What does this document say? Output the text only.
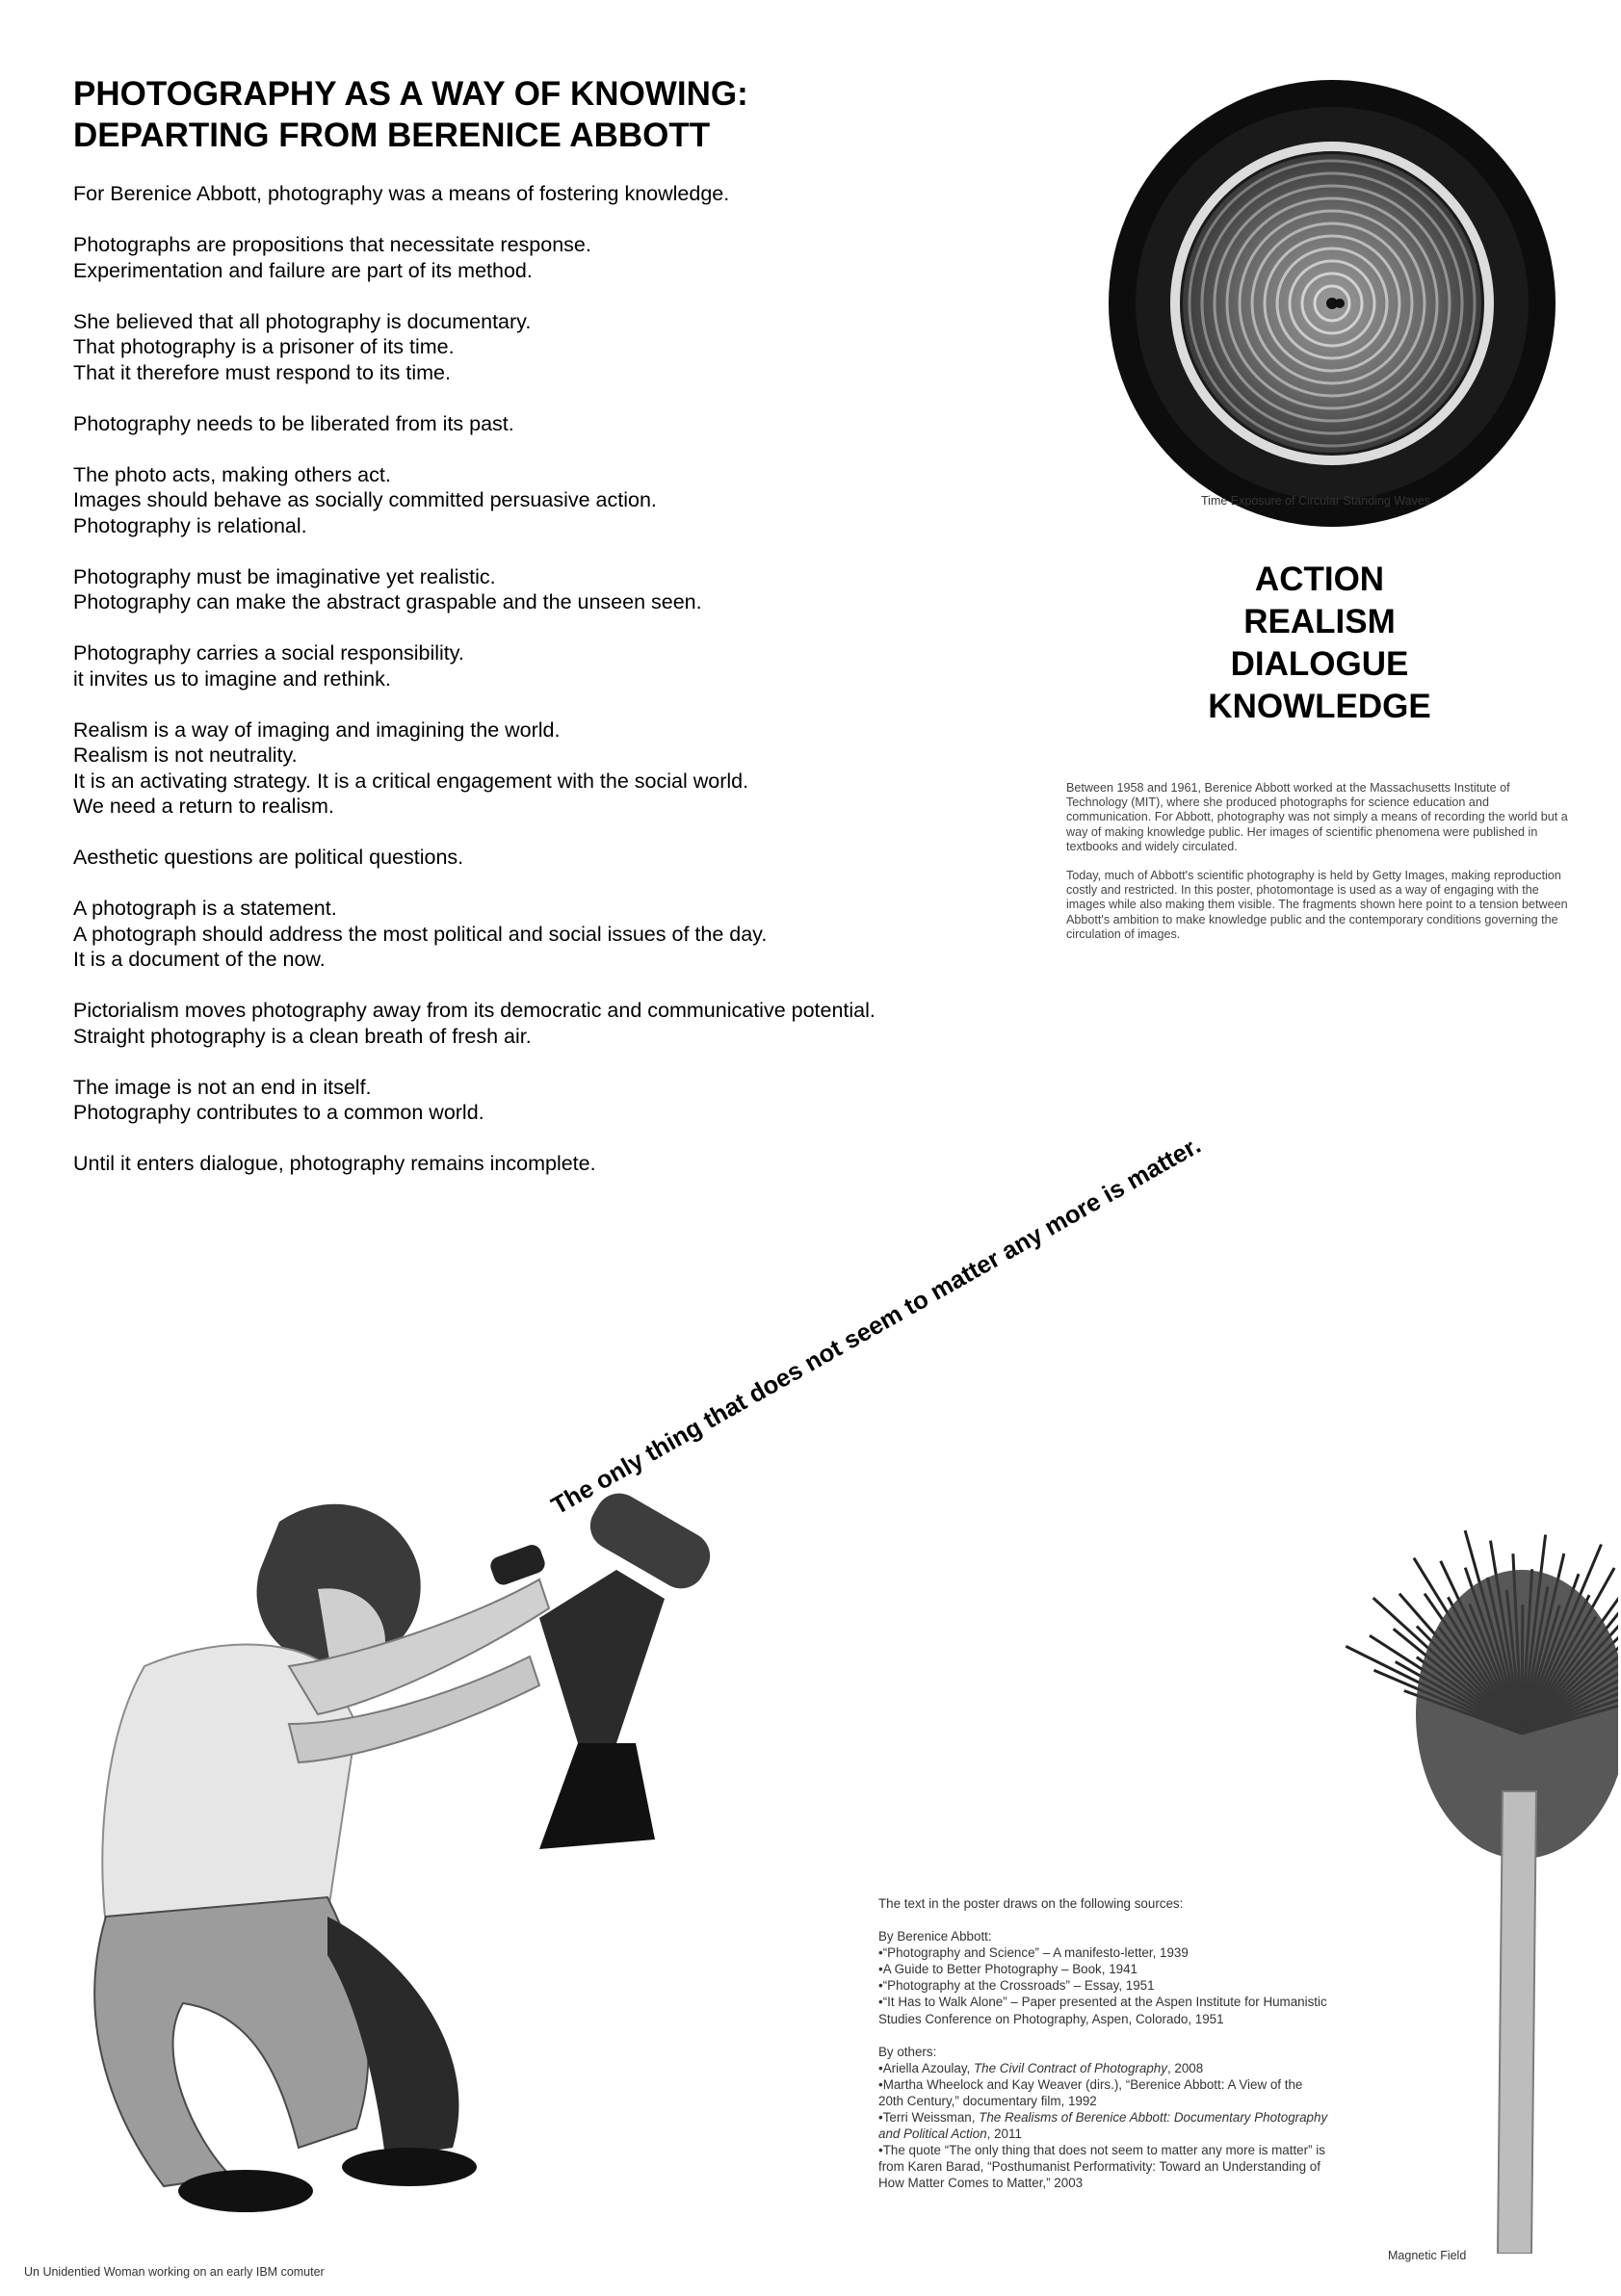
PHOTOGRAPHY AS A WAY OF KNOWING:
DEPARTING FROM BERENICE ABBOTT
For Berenice Abbott, photography was a means of fostering knowledge.
Photographs are propositions that necessitate response.
Experimentation and failure are part of its method.
She believed that all photography is documentary.
That photography is a prisoner of its time.
That it therefore must respond to its time.
Photography needs to be liberated from its past.
The photo acts, making others act.
Images should behave as socially committed persuasive action.
Photography is relational.
Photography must be imaginative yet realistic.
Photography can make the abstract graspable and the unseen seen.
Photography carries a social responsibility.
it invites us to imagine and rethink.
Realism is a way of imaging and imagining the world.
Realism is not neutrality.
It is an activating strategy. It is a critical engagement with the social world.
We need a return to realism.
Aesthetic questions are political questions.
A photograph is a statement.
A photograph should address the most political and social issues of the day.
It is a document of the now.
Pictorialism moves photography away from its democratic and communicative potential.
Straight photography is a clean breath of fresh air.
The image is not an end in itself.
Photography contributes to a common world.
Until it enters dialogue, photography remains incomplete.
Time Exposure of Circular Standing Waves
ACTION
REALISM
DIALOGUE
KNOWLEDGE

Between 1958 and 1961, Berenice Abbott worked at the Massachusetts Institute of Technology (MIT), where she produced photographs for science education and communication. For Abbott, photography was not simply a means of recording the world but a way of making knowledge public. Her images of scientific phenomena were published in textbooks and widely circulated.

Today, much of Abbott's scientific photography is held by Getty Images, making reproduction costly and restricted. In this poster, photomontage is used as a way of engaging with the images while also making them visible. The fragments shown here point to a tension between Abbott's ambition to make knowledge public and the contemporary conditions governing the circulation of images.

The only thing that does not seem to matter any more is matter.
Un Unidentied Woman working on an early IBM comuter
Magnetic Field
The text in the poster draws on the following sources:
By Berenice Abbott:
• “Photography and Science” – A manifesto-letter, 1939
• A Guide to Better Photography – Book, 1941
• “Photography at the Crossroads” – Essay, 1951
• “It Has to Walk Alone” – Paper presented at the Aspen Institute for Humanistic Studies Conference on Photography, Aspen, Colorado, 1951
By others:
• Ariella Azoulay, The Civil Contract of Photography, 2008
• Martha Wheelock and Kay Weaver (dirs.), “Berenice Abbott: A View of the 20th Century,” documentary film, 1992
• Terri Weissman, The Realisms of Berenice Abbott: Documentary Photography and Political Action, 2011
• The quote “The only thing that does not seem to matter any more is matter” is from Karen Barad, “Posthumanist Performativity: Toward an Understanding of How Matter Comes to Matter,” 2003
